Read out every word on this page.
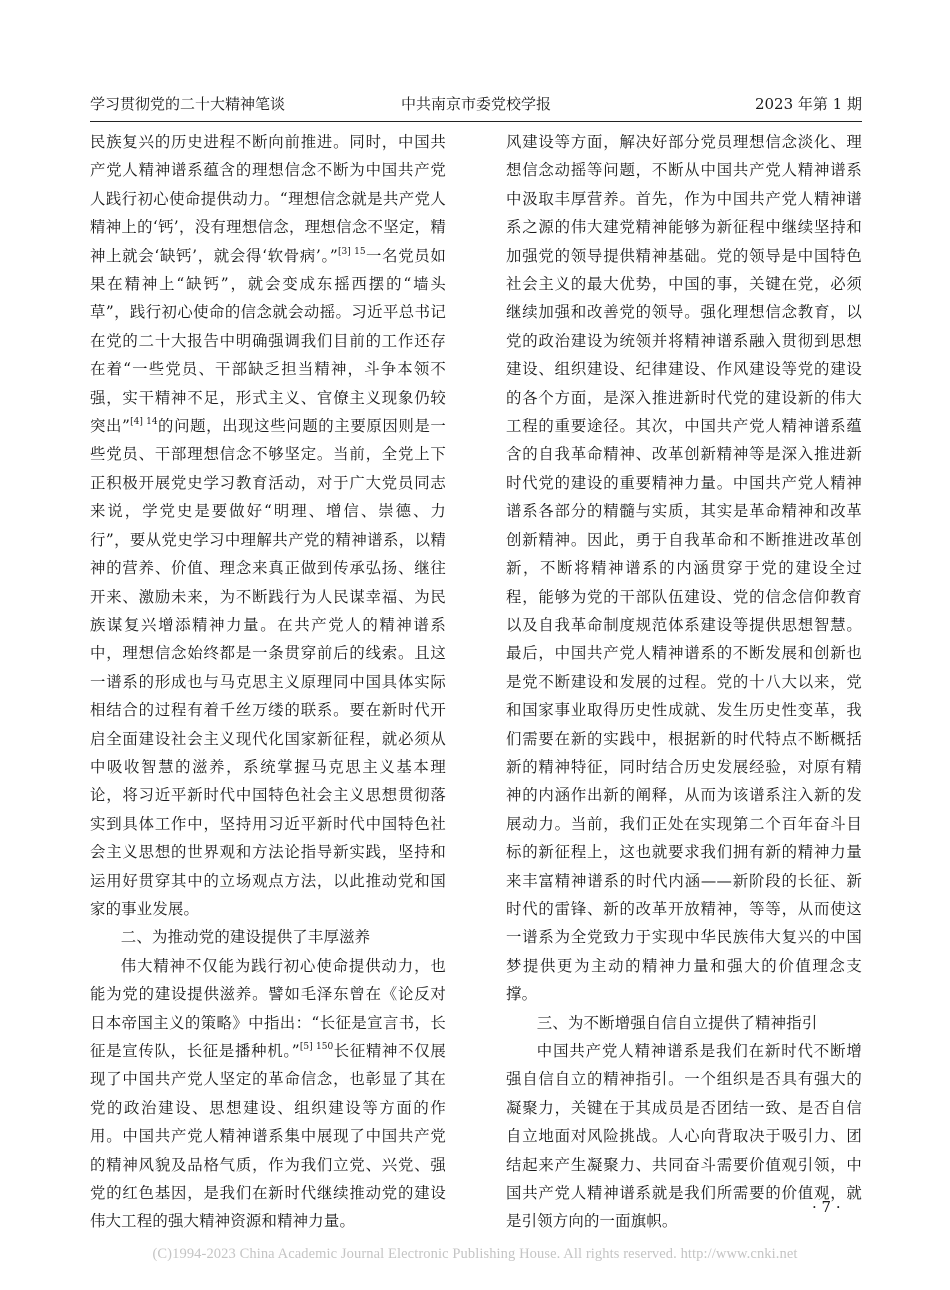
学习贯彻党的二十大精神笔谈	中共南京市委党校学报	2023 年第 1 期

民族复兴的历史进程不断向前推进。同时，中国共产党人精神谱系蕴含的理想信念不断为中国共产党人践行初心使命提供动力。“理想信念就是共产党人精神上的‘钙’，没有理想信念，理想信念不坚定，精神上就会‘缺钙’，就会得‘软骨病’。”$^{[3] 15}$一名党员如果在精神上“缺钙”，就会变成东摇西摆的“墙头草”，践行初心使命的信念就会动摇。习近平总书记在党的二十大报告中明确强调我们目前的工作还存在着“一些党员、干部缺乏担当精神，斗争本领不强，实干精神不足，形式主义、官僚主义现象仍较突出”$^{[4] 14}$的问题，出现这些问题的主要原因则是一些党员、干部理想信念不够坚定。当前，全党上下正积极开展党史学习教育活动，对于广大党员同志来说，学党史是要做好“明理、增信、崇德、力行”，要从党史学习中理解共产党的精神谱系，以精神的营养、价值、理念来真正做到传承弘扬、继往开来、激励未来，为不断践行为人民谋幸福、为民族谋复兴增添精神力量。在共产党人的精神谱系中，理想信念始终都是一条贯穿前后的线索。且这一谱系的形成也与马克思主义原理同中国具体实际相结合的过程有着千丝万缕的联系。要在新时代开启全面建设社会主义现代化国家新征程，就必须从中吸收智慧的滋养，系统掌握马克思主义基本理论，将习近平新时代中国特色社会主义思想贯彻落实到具体工作中，坚持用习近平新时代中国特色社会主义思想的世界观和方法论指导新实践，坚持和运用好贯穿其中的立场观点方法，以此推动党和国家的事业发展。

二、为推动党的建设提供了丰厚滋养

伟大精神不仅能为践行初心使命提供动力，也能为党的建设提供滋养。譬如毛泽东曾在《论反对日本帝国主义的策略》中指出：“长征是宣言书，长征是宣传队，长征是播种机。”$^{[5] 150}$长征精神不仅展现了中国共产党人坚定的革命信念，也彰显了其在党的政治建设、思想建设、组织建设等方面的作用。中国共产党人精神谱系集中展现了中国共产党的精神风貌及品格气质，作为我们立党、兴党、强党的红色基因，是我们在新时代继续推动党的建设伟大工程的强大精神资源和精神力量。

风建设等方面，解决好部分党员理想信念淡化、理想信念动摇等问题，不断从中国共产党人精神谱系中汲取丰厚营养。首先，作为中国共产党人精神谱系之源的伟大建党精神能够为新征程中继续坚持和加强党的领导提供精神基础。党的领导是中国特色社会主义的最大优势，中国的事，关键在党，必须继续加强和改善党的领导。强化理想信念教育，以党的政治建设为统领并将精神谱系融入贯彻到思想建设、组织建设、纪律建设、作风建设等党的建设的各个方面，是深入推进新时代党的建设新的伟大工程的重要途径。其次，中国共产党人精神谱系蕴含的自我革命精神、改革创新精神等是深入推进新时代党的建设的重要精神力量。中国共产党人精神谱系各部分的精髓与实质，其实是革命精神和改革创新精神。因此，勇于自我革命和不断推进改革创新，不断将精神谱系的内涵贯穿于党的建设全过程，能够为党的干部队伍建设、党的信念信仰教育以及自我革命制度规范体系建设等提供思想智慧。最后，中国共产党人精神谱系的不断发展和创新也是党不断建设和发展的过程。党的十八大以来，党和国家事业取得历史性成就、发生历史性变革，我们需要在新的实践中，根据新的时代特点不断概括新的精神特征，同时结合历史发展经验，对原有精神的内涵作出新的阐释，从而为该谱系注入新的发展动力。当前，我们正处在实现第二个百年奋斗目标的新征程上，这也就要求我们拥有新的精神力量来丰富精神谱系的时代内涵——新阶段的长征、新时代的雷锋、新的改革开放精神，等等，从而使这一谱系为全党致力于实现中华民族伟大复兴的中国梦提供更为主动的精神力量和强大的价值理念支撑。

三、为不断增强自信自立提供了精神指引

中国共产党人精神谱系是我们在新时代不断增强自信自立的精神指引。一个组织是否具有强大的凝聚力，关键在于其成员是否团结一致、是否自信自立地面对风险挑战。人心向背取决于吸引力、团结起来产生凝聚力、共同奋斗需要价值观引领，中国共产党人精神谱系就是我们所需要的价值观，就是引领方向的一面旗帜。

· 7 ·
(C)1994-2023 China Academic Journal Electronic Publishing House. All rights reserved. http://www.cnki.net
